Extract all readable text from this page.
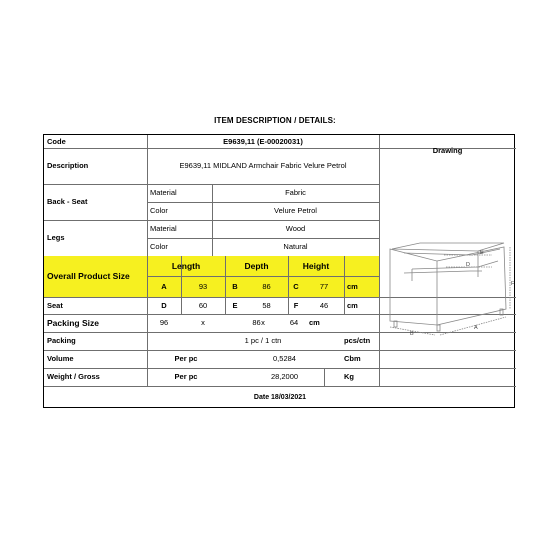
ITEM DESCRIPTION / DETAILS:
Code	E9639,11 (E-00020031)
Drawing
Description	E9639,11 MIDLAND Armchair Fabric Velure Petrol
Back - Seat
Material	Fabric
Color	Velure Petrol
Legs
Material	Wood
Color	Natural
Overall Product Size
Length	Depth	Height
A	93	B	86	C	77	cm
Seat	D	60	E	58	F	46	cm
Packing Size	96	x	86 x	64	cm
Packing	1 pc / 1 ctn	pcs/ctn
Volume	Per pc	0,5284	Cbm
Weight / Gross	Per pc	28,2000	Kg
Date 18/03/2021
B
A
F
E
D
